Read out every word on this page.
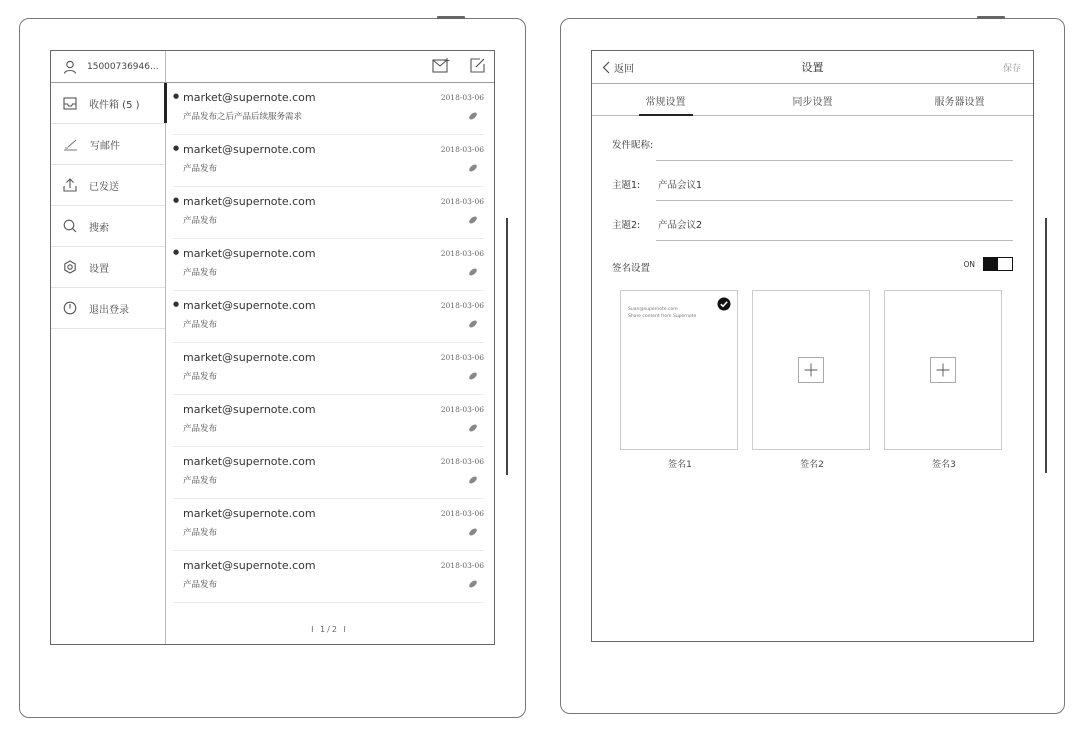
15000736946...
收件箱 (5 )
写邮件
已发送
搜索
设置
退出登录
● market@supernote.com
产品发布之后产品后续服务需求
2018-03-06
● market@supernote.com
产品发布
2018-03-06
● market@supernote.com
产品发布
2018-03-06
● market@supernote.com
产品发布
2018-03-06
● market@supernote.com
产品发布
2018-03-06
market@supernote.com
产品发布
2018-03-06
market@supernote.com
产品发布
2018-03-06
market@supernote.com
产品发布
2018-03-06
market@supernote.com
产品发布
2018-03-06
market@supernote.com
产品发布
2018-03-06
I 1/2 I
返回	设置	保存
常规设置	同步设置	服务器设置
发件昵称:
主题1: 产品会议1
主题2: 产品会议2
签名设置	ON
Suan@supernote.com
Share content from Supernote
签名1	签名2	签名3
